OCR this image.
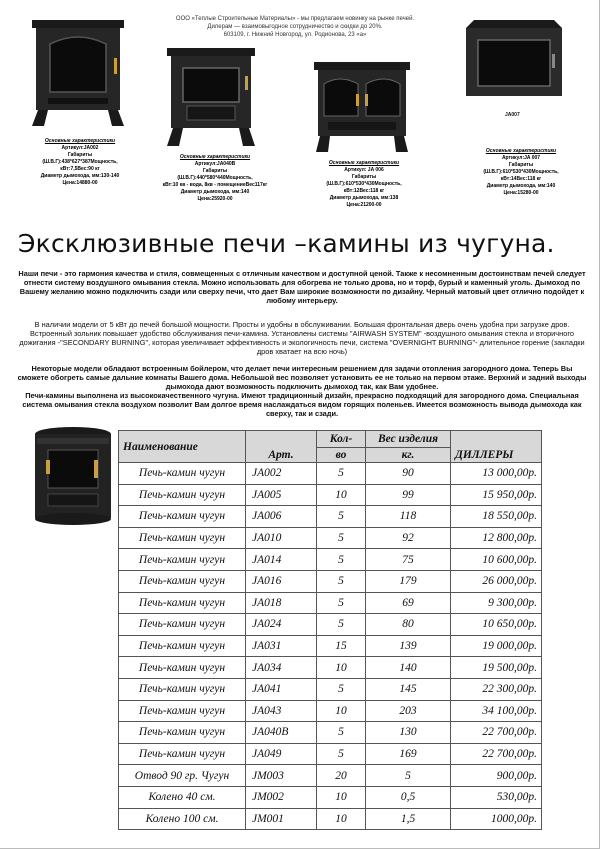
ООО «Теплые Строительные Материалы» - мы предлагаем новинку на рынке печей.
Дилерам — взаимовыгодное сотрудничество и скидки до 20%.
603109, г. Нижний Новгород, ул. Родионова, 23 «а»
Основные характеристики
Артикул:JA002
Габариты
(Ш.В.Г):438*627*387Мощность,
кВт:7,5Вес:90 кг
Диаметр дымохода, мм:130-140
Цена:14880-00
Основные характеристики
Артикул:JA040B
Габариты
(Ш.В.Г):440*580*440Мощность,
кВт:10 кв - вода, 8кв - помещениеВес117кг
Диаметр дымохода, мм:140
Цена:25920-00
Основные характеристики
Артикул: JA 006
Габариты
(Ш.В.Г):610*530*430Мощность,
кВт:12Вес:118 кг
Диаметр дымохода, мм:138
Цена:21200-00
JA007
Основные характеристики
Артикул:JA 007
Габариты
(Ш.В.Г):610*530*430Мощность,
кВт:14Вес:118 кг
Диаметр дымохода, мм:140
Цена:15280-00
Эксклюзивные печи –камины из чугуна.
Наши печи - это гармония качества и стиля, совмещенных с отличным качеством и доступной ценой. Также к несомненным достоинствам печей следует отнести систему воздушного омывания стекла. Можно использовать для обогрева не только дрова, но и торф, бурый и каменный уголь. Дымоход по Вашему желанию можно подключить сзади или сверху печи, что дает Вам широкие возможности по дизайну. Черный матовый цвет отлично подойдет к любому интерьеру.
В наличии модели от 5 кВт до печей большой мощности. Просты и удобны в обслуживании. Большая фронтальная дверь очень удобна при загрузке дров. Встроенный зольник повышает удобство обслуживания печи-камина. Установлены системы "AIRWASH SYSTEM" -воздушного омывания стекла и вторичного дожигания -"SECONDARY BURNING", которая увеличивает эффективность и экологичность печи, система "OVERNIGHT BURNING"- длительное горение (закладки дров хватает на всю ночь)
Некоторые модели обладают встроенным бойлером, что делает печи интересным решением для задачи отопления загородного дома. Теперь Вы сможете обогреть самые дальние комнаты Вашего дома. Небольшой вес позволяет установить ее не только на первом этаже. Верхний и задний выходы дымохода дают возможность подключить дымоход так, как Вам удобнее.
Печи-камины выполнена из высококачественного чугуна. Имеют традиционный дизайн, прекрасно подходящий для загородного дома. Специальная система омывания стекла воздухом позволит Вам долгое время наслаждаться видом горящих поленьев. Имеется возможность вывода дымохода как сверху, так и сзади.
Наименование		Кол-	Вес изделия	
	Арт.	во	кг.	ДИЛЛЕРЫ
Печь-камин чугун	JA002	5	90	13 000,00р.
Печь-камин чугун	JA005	10	99	15 950,00р.
Печь-камин чугун	JA006	5	118	18 550,00р.
Печь-камин чугун	JA010	5	92	12 800,00р.
Печь-камин чугун	JA014	5	75	10 600,00р.
Печь-камин чугун	JA016	5	179	26 000,00р.
Печь-камин чугун	JA018	5	69	9 300,00р.
Печь-камин чугун	JA024	5	80	10 650,00р.
Печь-камин чугун	JA031	15	139	19 000,00р.
Печь-камин чугун	JA034	10	140	19 500,00р.
Печь-камин чугун	JA041	5	145	22 300,00р.
Печь-камин чугун	JA043	10	203	34 100,00р.
Печь-камин чугун	JA040B	5	130	22 700,00р.
Печь-камин чугун	JA049	5	169	22 700,00р.
Отвод 90 гр. Чугун	JM003	20	5	900,00р.
Колено 40 см.	JM002	10	0,5	530,00р.
Колено 100 см.	JM001	10	1,5	1000,00р.
